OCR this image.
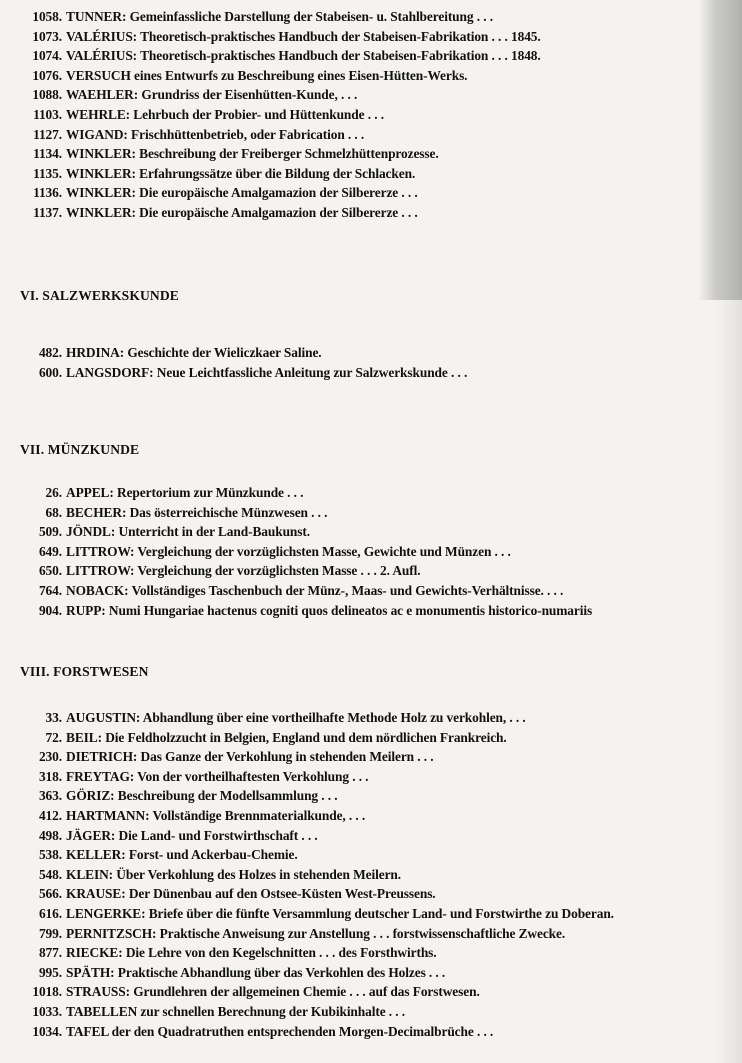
1058. TUNNER: Gemeinfassliche Darstellung der Stabeisen- u. Stahlbereitung . . .
1073. VALÉRIUS: Theoretisch-praktisches Handbuch der Stabeisen-Fabrikation . . . 1845.
1074. VALÉRIUS: Theoretisch-praktisches Handbuch der Stabeisen-Fabrikation . . . 1848.
1076. VERSUCH eines Entwurfs zu Beschreibung eines Eisen-Hütten-Werks.
1088. WAEHLER: Grundriss der Eisenhütten-Kunde, . . .
1103. WEHRLE: Lehrbuch der Probier- und Hüttenkunde . . .
1127. WIGAND: Frischhüttenbetrieb, oder Fabrication . . .
1134. WINKLER: Beschreibung der Freiberger Schmelzhüttenprozesse.
1135. WINKLER: Erfahrungssätze über die Bildung der Schlacken.
1136. WINKLER: Die europäische Amalgamazion der Silbererze . . .
1137. WINKLER: Die europäische Amalgamazion der Silbererze . . .
VI. SALZWERKSKUNDE
482. HRDINA: Geschichte der Wieliczkaer Saline.
600. LANGSDORF: Neue Leichtfassliche Anleitung zur Salzwerkskunde . . .
VII. MÜNZKUNDE
26. APPEL: Repertorium zur Münzkunde . . .
68. BECHER: Das österreichische Münzwesen . . .
509. JÖNDL: Unterricht in der Land-Baukunst.
649. LITTROW: Vergleichung der vorzüglichsten Masse, Gewichte und Münzen . . .
650. LITTROW: Vergleichung der vorzüglichsten Masse . . . 2. Aufl.
764. NOBACK: Vollständiges Taschenbuch der Münz-, Maas- und Gewichts-Verhältnisse. . . .
904. RUPP: Numi Hungariae hactenus cogniti quos delineatos ac e monumentis historico-numariis
VIII. FORSTWESEN
33. AUGUSTIN: Abhandlung über eine vortheilhafte Methode Holz zu verkohlen, . . .
72. BEIL: Die Feldholzzucht in Belgien, England und dem nördlichen Frankreich.
230. DIETRICH: Das Ganze der Verkohlung in stehenden Meilern . . .
318. FREYTAG: Von der vortheilhaftesten Verkohlung . . .
363. GÖRIZ: Beschreibung der Modellsammlung . . .
412. HARTMANN: Vollständige Brennmaterialkunde, . . .
498. JÄGER: Die Land- und Forstwirthschaft . . .
538. KELLER: Forst- und Ackerbau-Chemie.
548. KLEIN: Über Verkohlung des Holzes in stehenden Meilern.
566. KRAUSE: Der Dünenbau auf den Ostsee-Küsten West-Preussens.
616. LENGERKE: Briefe über die fünfte Versammlung deutscher Land- und Forstwirthe zu Doberan.
799. PERNITZSCH: Praktische Anweisung zur Anstellung . . . forstwissenschaftliche Zwecke.
877. RIECKE: Die Lehre von den Kegelschnitten . . . des Forsthwirths.
995. SPÄTH: Praktische Abhandlung über das Verkohlen des Holzes . . .
1018. STRAUSS: Grundlehren der allgemeinen Chemie . . . auf das Forstwesen.
1033. TABELLEN zur schnellen Berechnung der Kubikinhalte . . .
1034. TAFEL der den Quadratruthen entsprechenden Morgen-Decimalbrüche . . .
